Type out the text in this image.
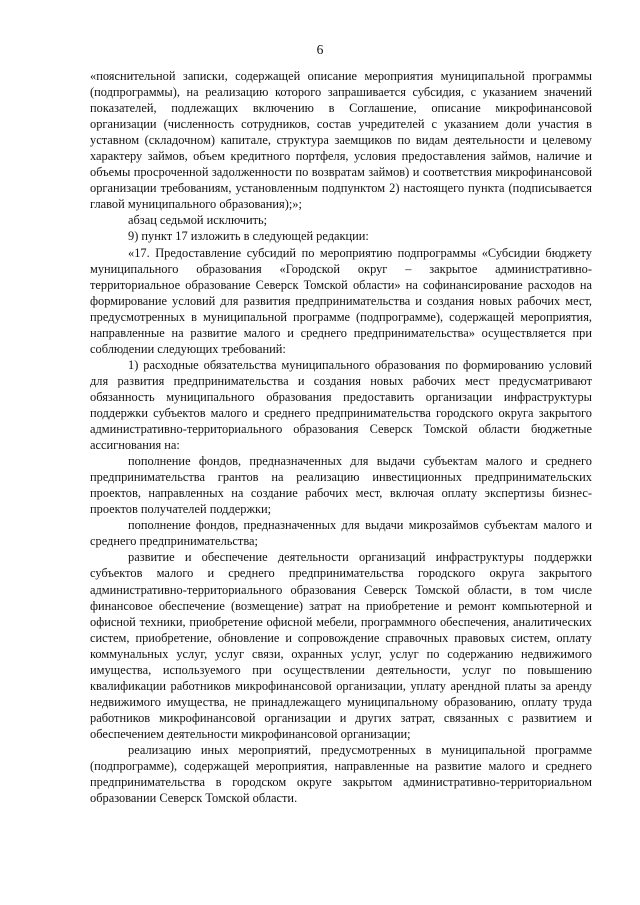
6

«пояснительной записки, содержащей описание мероприятия муниципальной программы (подпрограммы), на реализацию которого запрашивается субсидия, с указанием значений показателей, подлежащих включению в Соглашение, описание микрофинансовой организации (численность сотрудников, состав учредителей с указанием доли участия в уставном (складочном) капитале, структура заемщиков по видам деятельности и целевому характеру займов, объем кредитного портфеля, условия предоставления займов, наличие и объемы просроченной задолженности по возвратам займов) и соответствия микрофинансовой организации требованиям, установленным подпунктом 2) настоящего пункта (подписывается главой муниципального образования);»;

абзац седьмой исключить;

9) пункт 17 изложить в следующей редакции:

«17. Предоставление субсидий по мероприятию подпрограммы «Субсидии бюджету муниципального образования «Городской округ – закрытое административно-территориальное образование Северск Томской области» на софинансирование расходов на формирование условий для развития предпринимательства и создания новых рабочих мест, предусмотренных в муниципальной программе (подпрограмме), содержащей мероприятия, направленные на развитие малого и среднего предпринимательства» осуществляется при соблюдении следующих требований:

1) расходные обязательства муниципального образования по формированию условий для развития предпринимательства и создания новых рабочих мест предусматривают обязанность муниципального образования предоставить организации инфраструктуры поддержки субъектов малого и среднего предпринимательства городского округа закрытого административно-территориального образования Северск Томской области бюджетные ассигнования на:

пополнение фондов, предназначенных для выдачи субъектам малого и среднего предпринимательства грантов на реализацию инвестиционных предпринимательских проектов, направленных на создание рабочих мест, включая оплату экспертизы бизнес-проектов получателей поддержки;

пополнение фондов, предназначенных для выдачи микрозаймов субъектам малого и среднего предпринимательства;

развитие и обеспечение деятельности организаций инфраструктуры поддержки субъектов малого и среднего предпринимательства городского округа закрытого административно-территориального образования Северск Томской области, в том числе финансовое обеспечение (возмещение) затрат на приобретение и ремонт компьютерной и офисной техники, приобретение офисной мебели, программного обеспечения, аналитических систем, приобретение, обновление и сопровождение справочных правовых систем, оплату коммунальных услуг, услуг связи, охранных услуг, услуг по содержанию недвижимого имущества, используемого при осуществлении деятельности, услуг по повышению квалификации работников микрофинансовой организации, уплату арендной платы за аренду недвижимого имущества, не принадлежащего муниципальному образованию, оплату труда работников микрофинансовой организации и других затрат, связанных с развитием и обеспечением деятельности микрофинансовой организации;

реализацию иных мероприятий, предусмотренных в муниципальной программе (подпрограмме), содержащей мероприятия, направленные на развитие малого и среднего предпринимательства в городском округе закрытом административно-территориальном образовании Северск Томской области.
